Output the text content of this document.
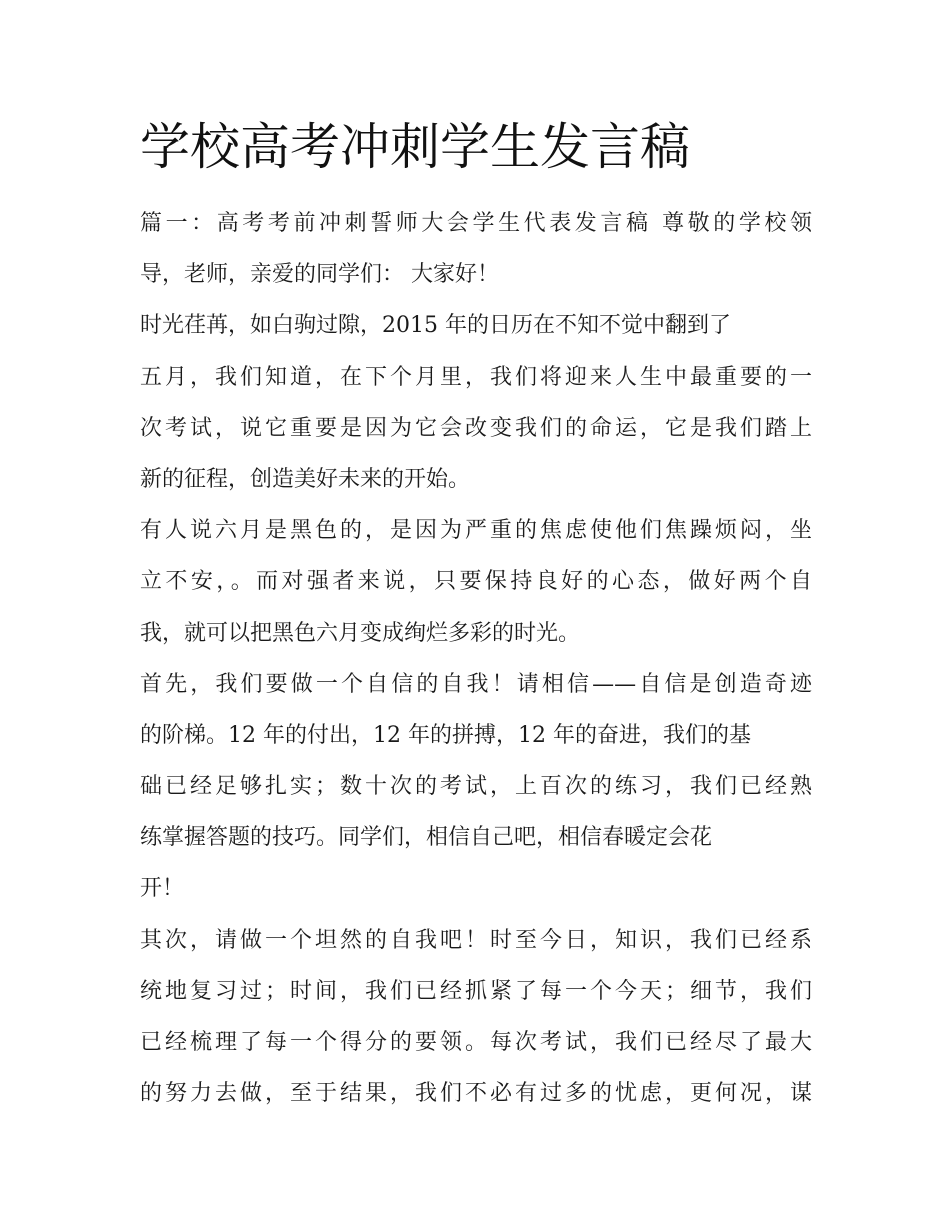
学校高考冲刺学生发言稿
篇一：高考考前冲刺誓师大会学生代表发言稿 尊敬的学校领
导，老师，亲爱的同学们： 大家好！
时光荏苒，如白驹过隙，2015 年的日历在不知不觉中翻到了
五月，我们知道，在下个月里，我们将迎来人生中最重要的一
次考试，说它重要是因为它会改变我们的命运，它是我们踏上
新的征程，创造美好未来的开始。
有人说六月是黑色的，是因为严重的焦虑使他们焦躁烦闷，坐
立不安，。而对强者来说，只要保持良好的心态，做好两个自
我，就可以把黑色六月变成绚烂多彩的时光。
首先，我们要做一个自信的自我！请相信——自信是创造奇迹
的阶梯。12 年的付出，12 年的拼搏，12 年的奋进，我们的基
础已经足够扎实；数十次的考试，上百次的练习，我们已经熟
练掌握答题的技巧。同学们，相信自己吧，相信春暖定会花
开！
其次，请做一个坦然的自我吧！时至今日，知识，我们已经系
统地复习过；时间，我们已经抓紧了每一个今天；细节，我们
已经梳理了每一个得分的要领。每次考试，我们已经尽了最大
的努力去做，至于结果，我们不必有过多的忧虑，更何况，谋
